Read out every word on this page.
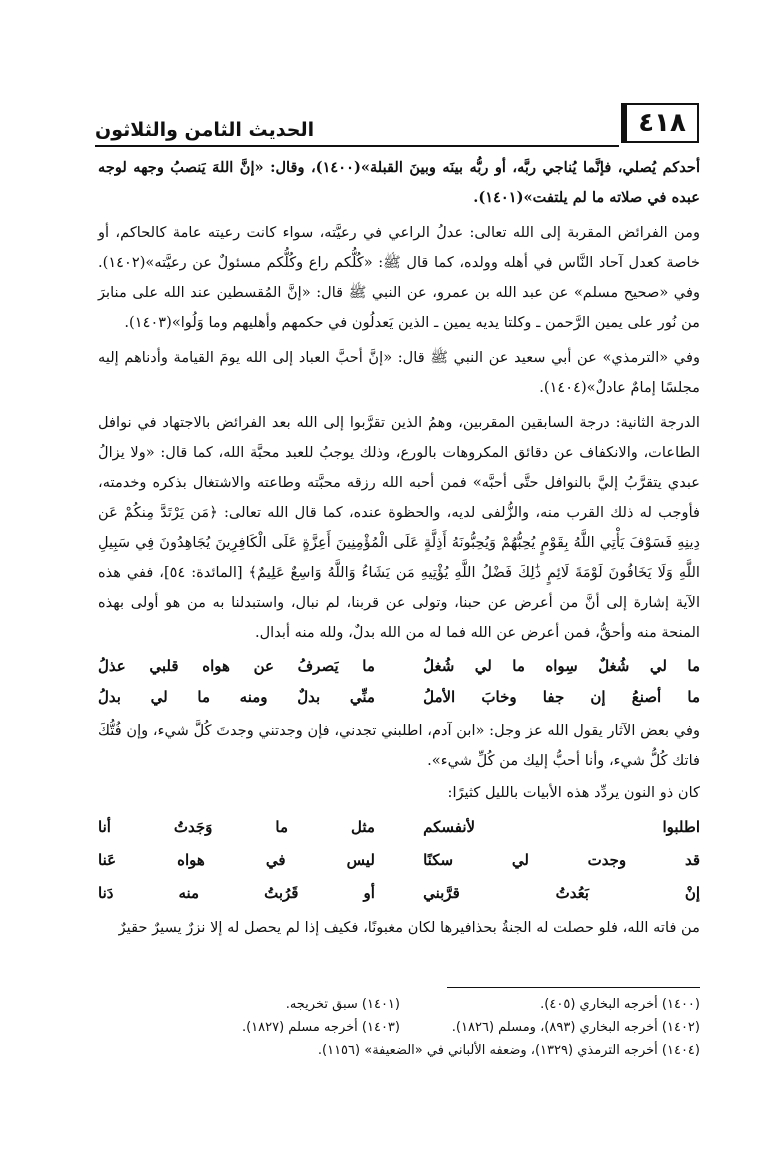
٤١٨
الحديث الثامن والثلاثون

أحدكم يُصلي، فإنَّما يُناجي ربَّه، أو ربُّه بينَه وبينَ القبلة»(١٤٠٠)، وقال: «إنَّ اللهَ يَنصبُ وجهه لوجه عبده في صلاته ما لم يلتفت»(١٤٠١).

ومن الفرائض المقربة إلى الله تعالى: عدلُ الراعي في رعيَّته، سواء كانت رعيته عامة كالحاكم، أو خاصة كعدل آحاد النَّاس في أهله وولده، كما قال ﷺ: «كُلُّكم راع وكُلُّكم مسئولٌ عن رعيَّته»(١٤٠٢). وفي «صحيح مسلم» عن عبد الله بن عمرو، عن النبي ﷺ قال: «إنَّ المُقسطين عند الله على منابرَ من نُور على يمين الرَّحمن ـ وكلتا يديه يمين ـ الذين يَعدلُون في حكمهم وأهليهم وما وَلُوا»(١٤٠٣).

وفي «الترمذي» عن أبي سعيد عن النبي ﷺ قال: «إنَّ أحبَّ العباد إلى الله يومَ القيامة وأدناهم إليه مجلسًا إمامٌ عادلٌ»(١٤٠٤).

الدرجة الثانية: درجة السابقين المقربين، وهمُ الذين تقرَّبوا إلى الله بعد الفرائض بالاجتهاد في نوافل الطاعات، والانكفاف عن دقائق المكروهات بالورع، وذلك يوجبُ للعبد محبَّة الله، كما قال: «ولا يزالُ عبدي يتقرَّبُ إليَّ بالنوافل حتَّى أحبَّه» فمن أحبه الله رزقه محبَّته وطاعته والاشتغال بذكره وخدمته، فأوجب له ذلك القرب منه، والزُّلفى لديه، والحظوة عنده، كما قال الله تعالى: ﴿مَن يَرْتَدَّ مِنكُمْ عَن دِينِهِ فَسَوْفَ يَأْتِي اللَّهُ بِقَوْمٍ يُحِبُّهُمْ وَيُحِبُّونَهُ أَذِلَّةٍ عَلَى الْمُؤْمِنِينَ أَعِزَّةٍ عَلَى الْكَافِرِينَ يُجَاهِدُونَ فِي سَبِيلِ اللَّهِ وَلَا يَخَافُونَ لَوْمَةَ لَائِمٍ ذَٰلِكَ فَضْلُ اللَّهِ يُؤْتِيهِ مَن يَشَاءُ وَاللَّهُ وَاسِعٌ عَلِيمٌ﴾ [المائدة: ٥٤]، ففي هذه الآية إشارة إلى أنَّ من أعرض عن حبنا، وتولى عن قربنا، لم نبال، واستبدلنا به من هو أولى بهذه المنحة منه وأحقُّ، فمن أعرض عن الله فما له من الله بدلٌ، ولله منه أبدال.

ما لي شُغلٌ سِواه ما لي شُغلُ
ما يَصرفُ عن هواه قلبي عذلُ
ما أصنعُ إن جفا وخابَ الأملُ
منِّي بدلٌ ومنه ما لي بدلُ

وفي بعض الآثار يقول الله عز وجل: «ابن آدم، اطلبني تجدني، فإن وجدتني وجدتَ كُلَّ شيء، وإن فُتُّكَ فاتك كُلُّ شيء، وأنا أحبُّ إليك من كُلِّ شيء».

كان ذو النون يردِّد هذه الأبيات بالليل كثيرًا:

اطلبوا لأنفسكم
مثل ما وَجَدتُ أنا
قد وجدت لي سكنًا
ليس في هواه عَنا
إنْ بَعُدتُ قرَّبني
أو قَرُبتُ منه دَنا

من فاته الله، فلو حصلت له الجنةُ بحذافيرها لكان مغبونًا، فكيف إذا لم يحصل له إلا نزرٌ يسيرٌ حقيرٌ

(١٤٠٠) أخرجه البخاري (٤٠٥).
(١٤٠١) سبق تخريجه.
(١٤٠٢) أخرجه البخاري (٨٩٣)، ومسلم (١٨٢٦).
(١٤٠٣) أخرجه مسلم (١٨٢٧).
(١٤٠٤) أخرجه الترمذي (١٣٢٩)، وضعفه الألباني في «الضعيفة» (١١٥٦).
